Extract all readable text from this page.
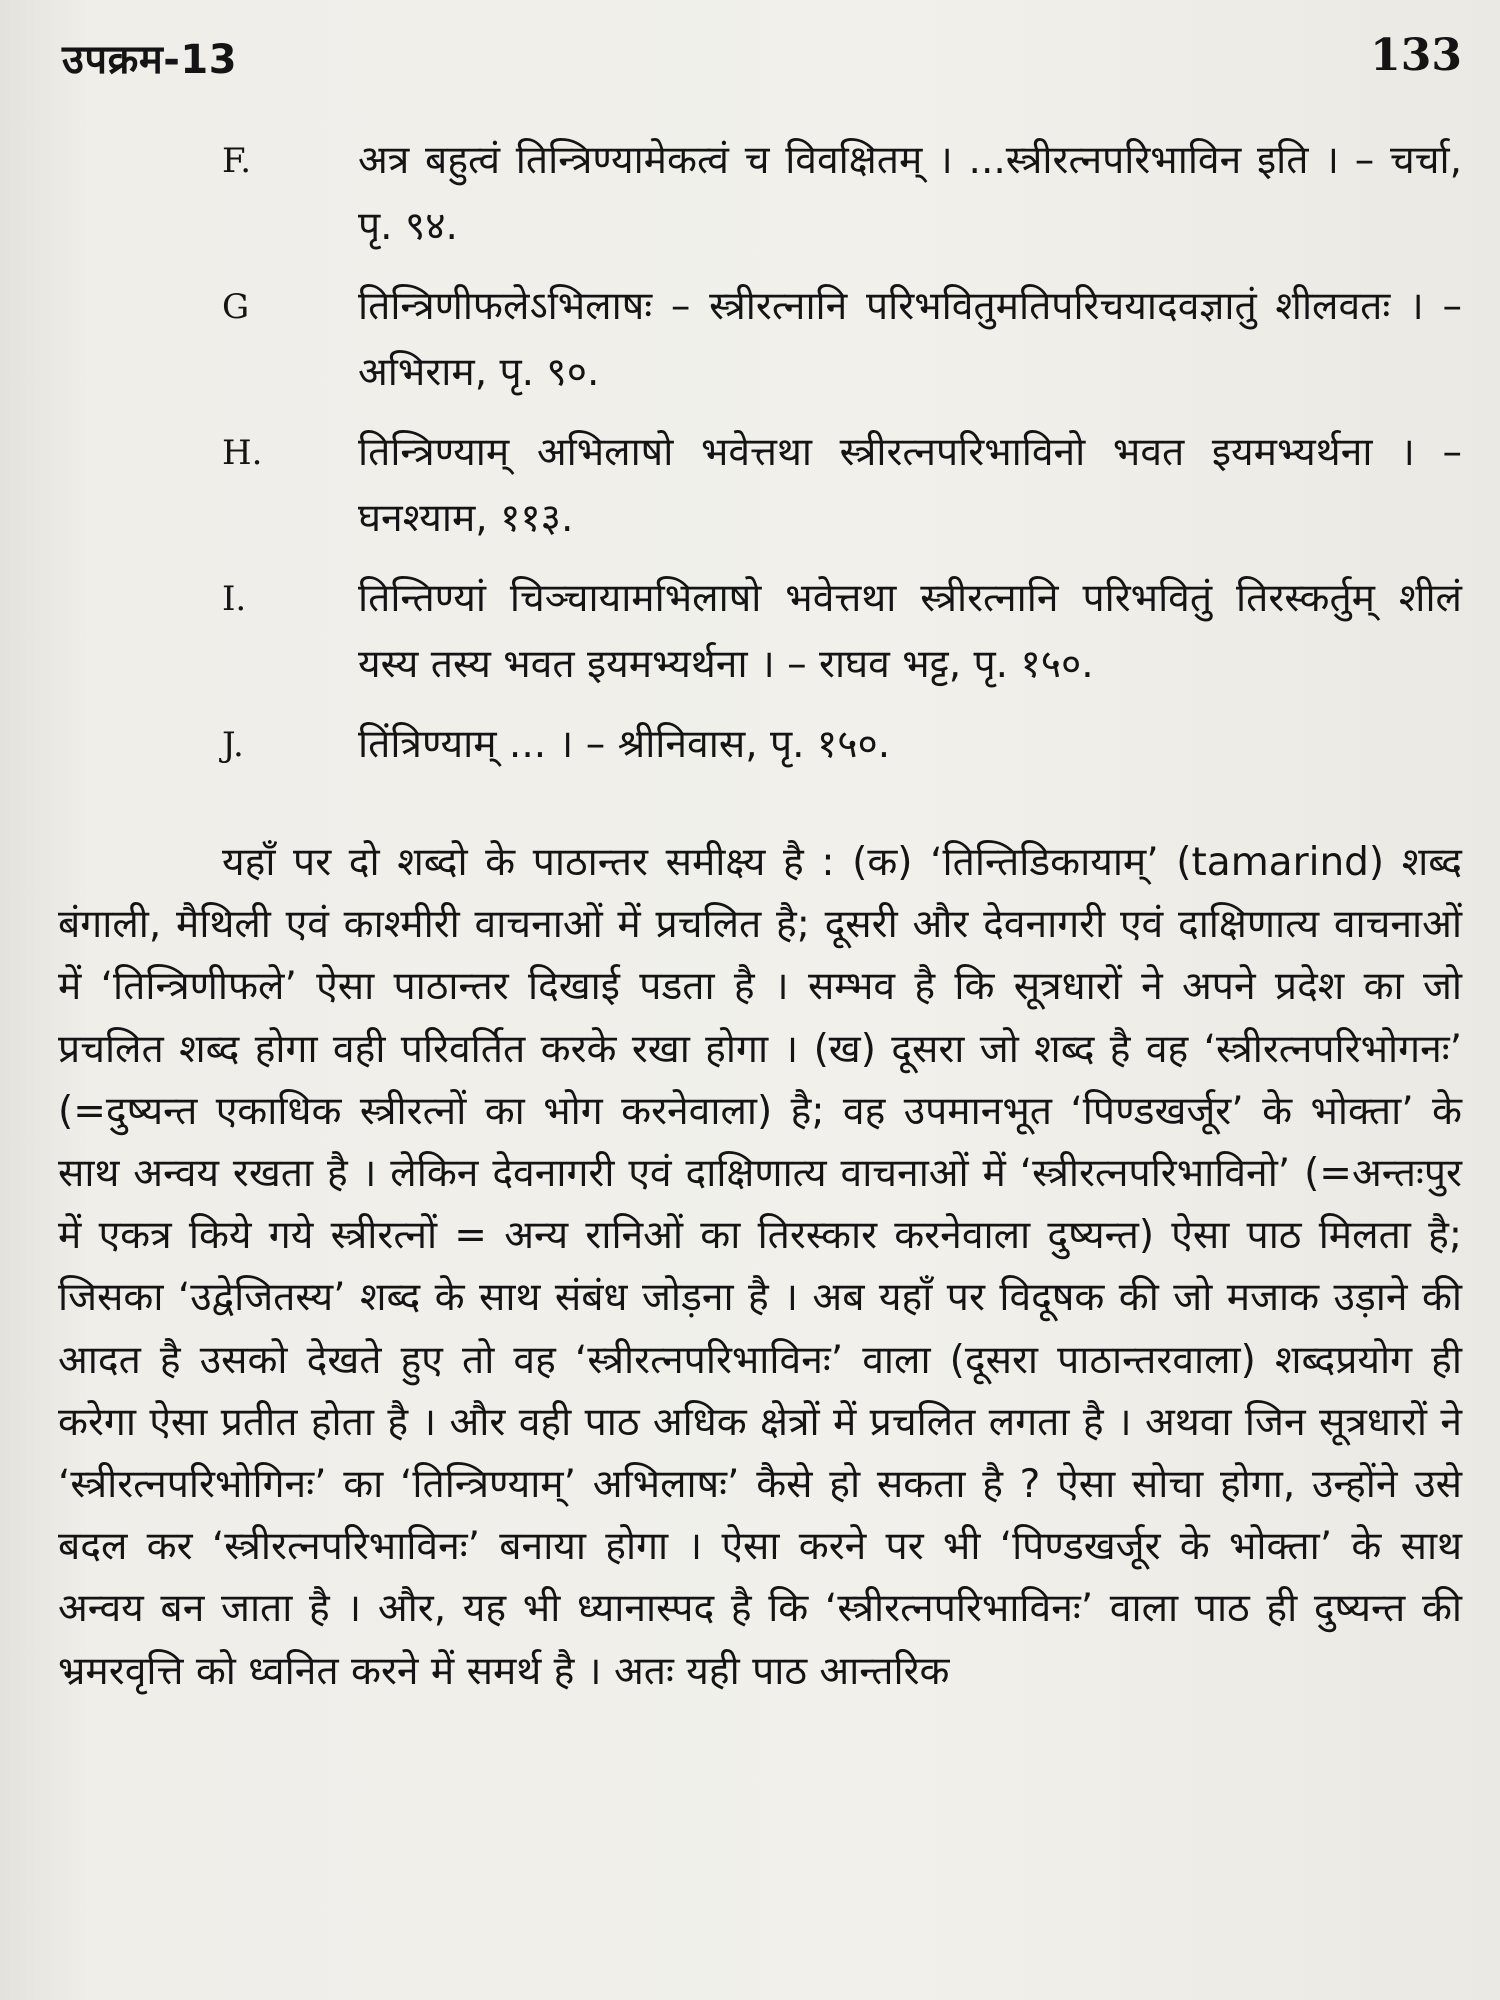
उपक्रम-13	133
F.	अत्र बहुत्वं तिन्त्रिण्यामेकत्वं च विवक्षितम् । ...स्त्रीरत्नपरिभाविन इति । – चर्चा, पृ. ९४.
G	तिन्त्रिणीफलेऽभिलाषः – स्त्रीरत्नानि परिभवितुमतिपरिचयादवज्ञातुं शीलवतः । – अभिराम, पृ. ९०.
H.	तिन्त्रिण्याम् अभिलाषो भवेत्तथा स्त्रीरत्नपरिभाविनो भवत इयमभ्यर्थना । – घनश्याम, ११३.
I.	तिन्तिण्यां चिञ्चायामभिलाषो भवेत्तथा स्त्रीरत्नानि परिभवितुं तिरस्कर्तुम् शीलं यस्य तस्य भवत इयमभ्यर्थना । – राघव भट्ट, पृ. १५०.
J.	तिंत्रिण्याम् ... । – श्रीनिवास, पृ. १५०.

यहाँ पर दो शब्दो के पाठान्तर समीक्ष्य है : (क) ‘तिन्तिडिकायाम्’ (tamarind) शब्द बंगाली, मैथिली एवं काश्मीरी वाचनाओं में प्रचलित है; दूसरी और देवनागरी एवं दाक्षिणात्य वाचनाओं में ‘तिन्त्रिणीफले’ ऐसा पाठान्तर दिखाई पडता है । सम्भव है कि सूत्रधारों ने अपने प्रदेश का जो प्रचलित शब्द होगा वही परिवर्तित करके रखा होगा । (ख) दूसरा जो शब्द है वह ‘स्त्रीरत्नपरिभोगनः’ (=दुष्यन्त एकाधिक स्त्रीरत्नों का भोग करनेवाला) है; वह उपमानभूत ‘पिण्डखर्जूर’ के भोक्ता’ के साथ अन्वय रखता है । लेकिन देवनागरी एवं दाक्षिणात्य वाचनाओं में ‘स्त्रीरत्नपरिभाविनो’ (=अन्तःपुर में एकत्र किये गये स्त्रीरत्नों = अन्य रानिओं का तिरस्कार करनेवाला दुष्यन्त) ऐसा पाठ मिलता है; जिसका ‘उद्वेजितस्य’ शब्द के साथ संबंध जोड़ना है । अब यहाँ पर विदूषक की जो मजाक उड़ाने की आदत है उसको देखते हुए तो वह ‘स्त्रीरत्नपरिभाविनः’ वाला (दूसरा पाठान्तरवाला) शब्दप्रयोग ही करेगा ऐसा प्रतीत होता है । और वही पाठ अधिक क्षेत्रों में प्रचलित लगता है । अथवा जिन सूत्रधारों ने ‘स्त्रीरत्नपरिभोगिनः’ का ‘तिन्त्रिण्याम्’ अभिलाषः’ कैसे हो सकता है ? ऐसा सोचा होगा, उन्होंने उसे बदल कर ‘स्त्रीरत्नपरिभाविनः’ बनाया होगा । ऐसा करने पर भी ‘पिण्डखर्जूर के भोक्ता’ के साथ अन्वय बन जाता है । और, यह भी ध्यानास्पद है कि ‘स्त्रीरत्नपरिभाविनः’ वाला पाठ ही दुष्यन्त की भ्रमरवृत्ति को ध्वनित करने में समर्थ है । अतः यही पाठ आन्तरिक
